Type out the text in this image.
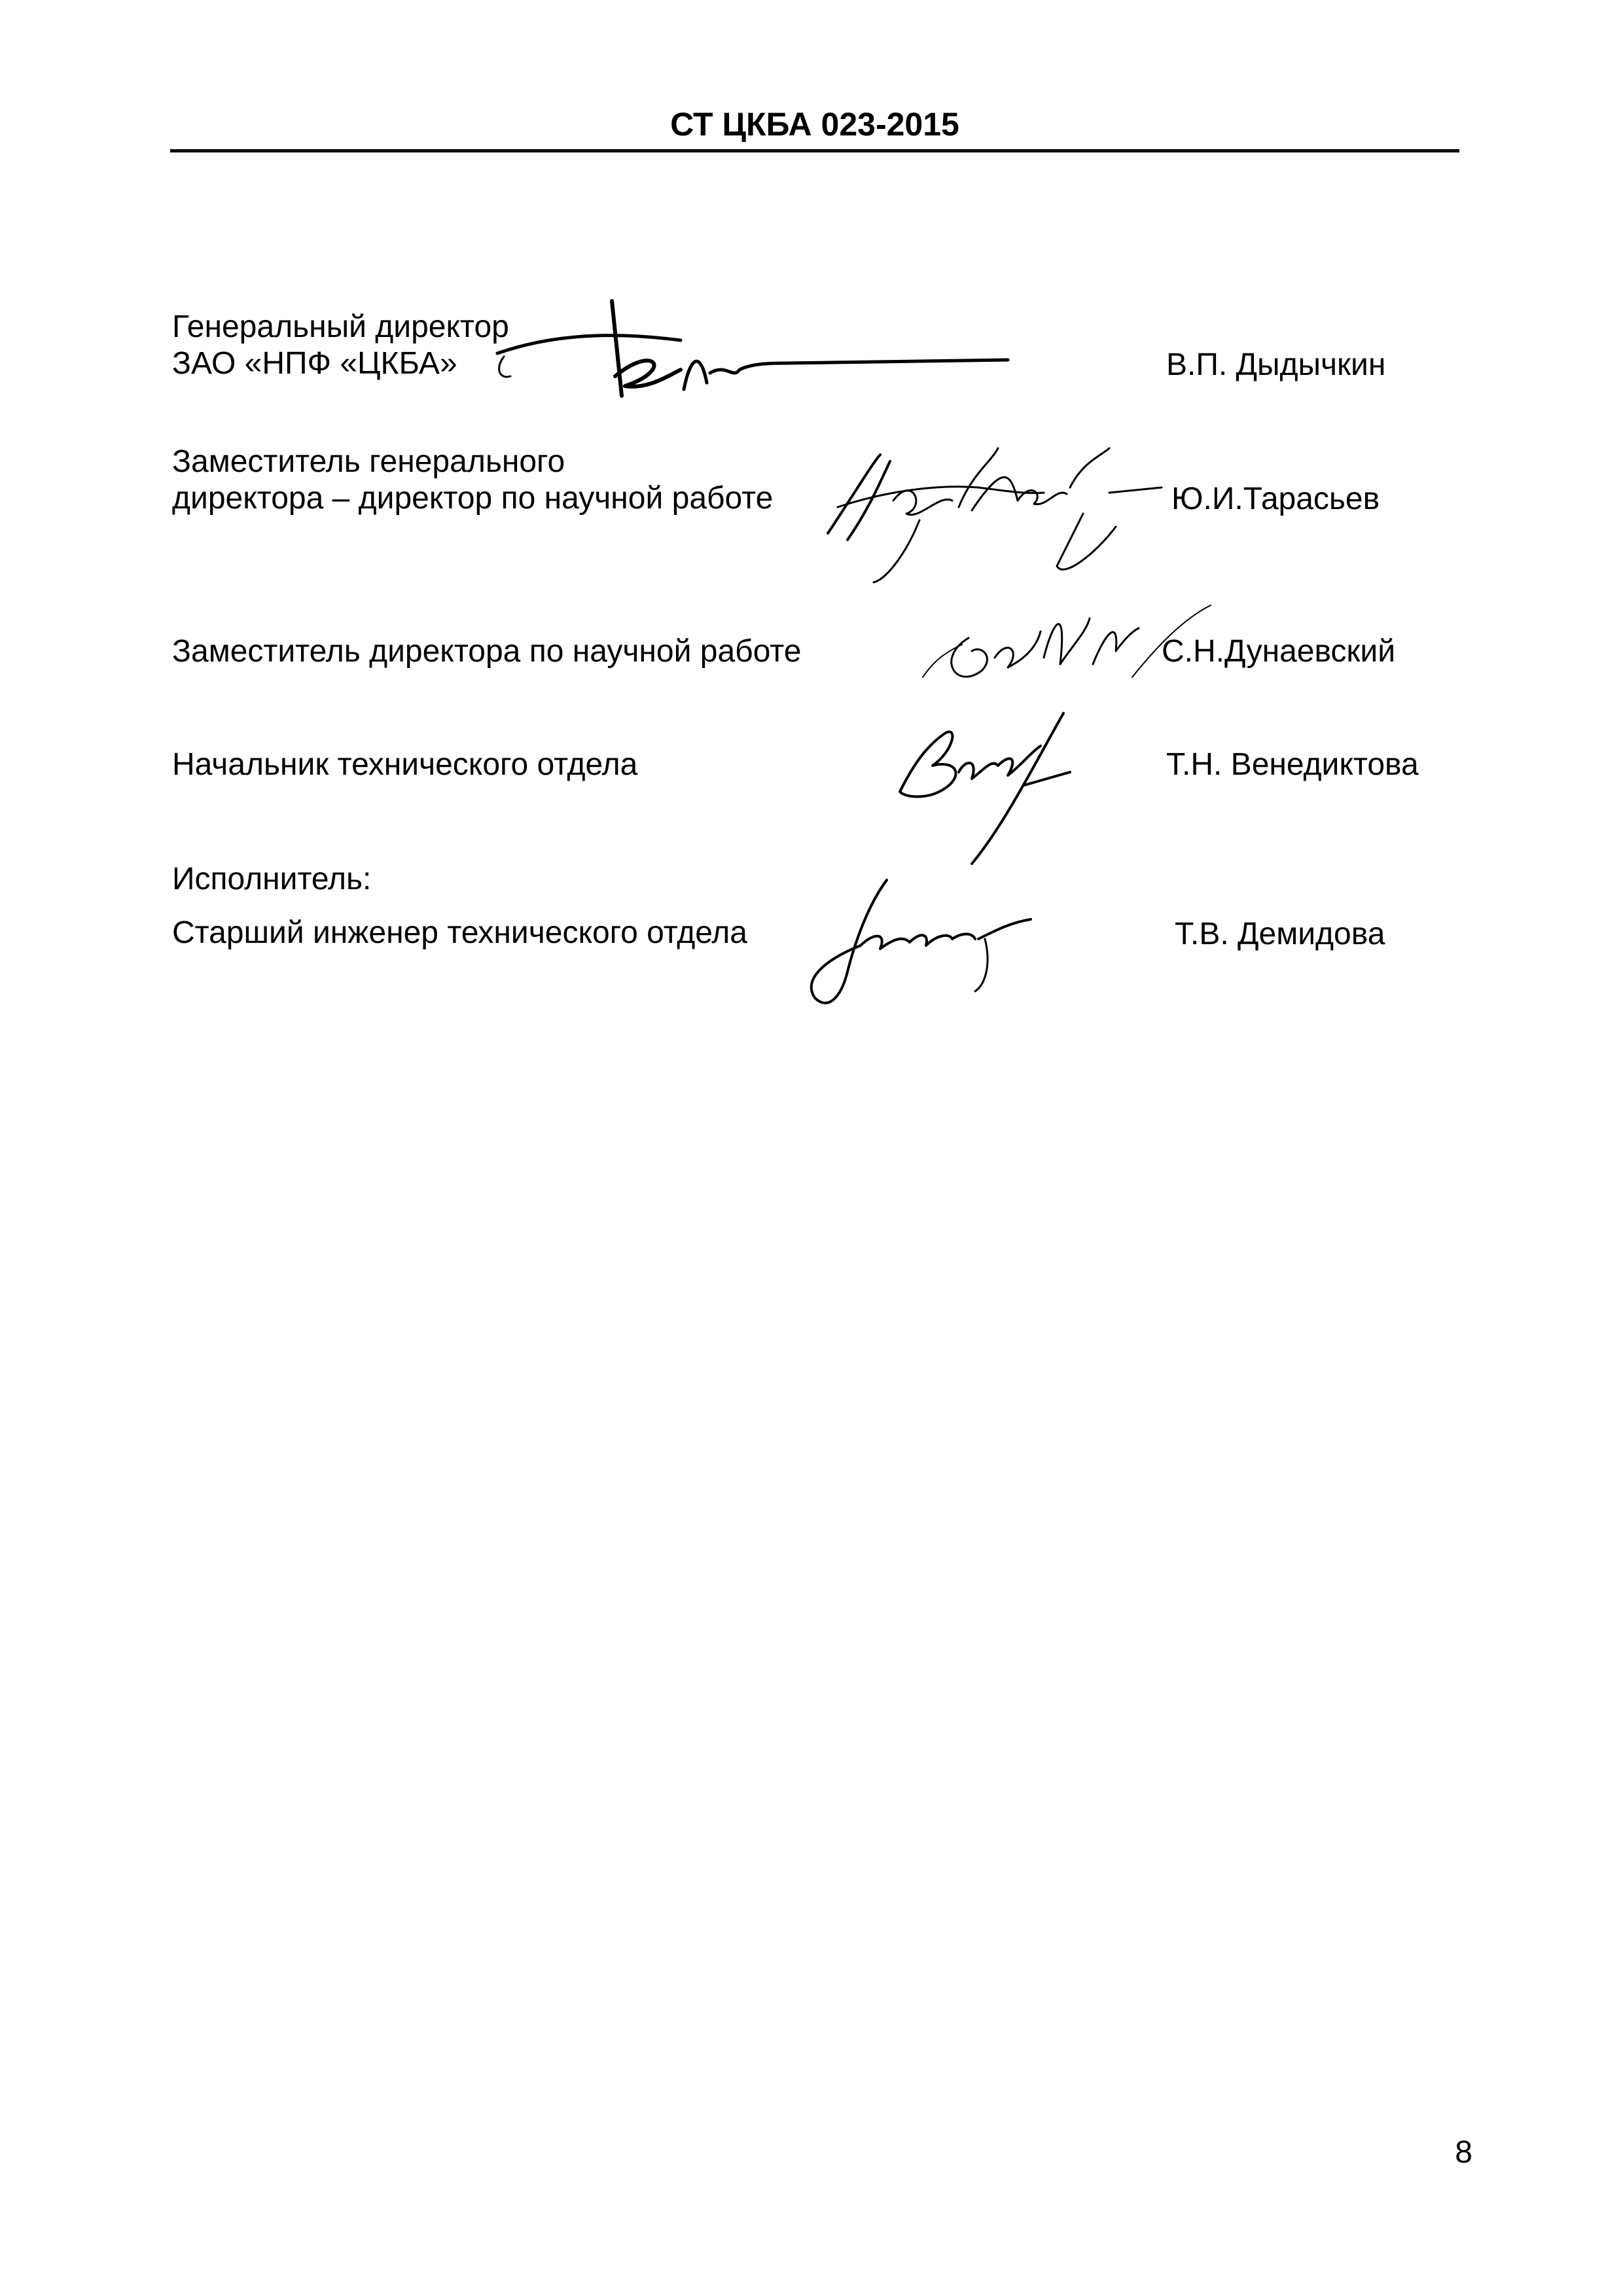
СТ ЦКБА 023-2015
Генеральный директор
ЗАО «НПФ «ЦКБА»	В.П. Дыдычкин
Заместитель генерального
директора – директор по научной работе	Ю.И.Тарасьев
Заместитель директора по научной работе	С.Н.Дунаевский
Начальник технического отдела	Т.Н. Венедиктова
Исполнитель:
Старший инженер технического отдела	Т.В. Демидова
8
